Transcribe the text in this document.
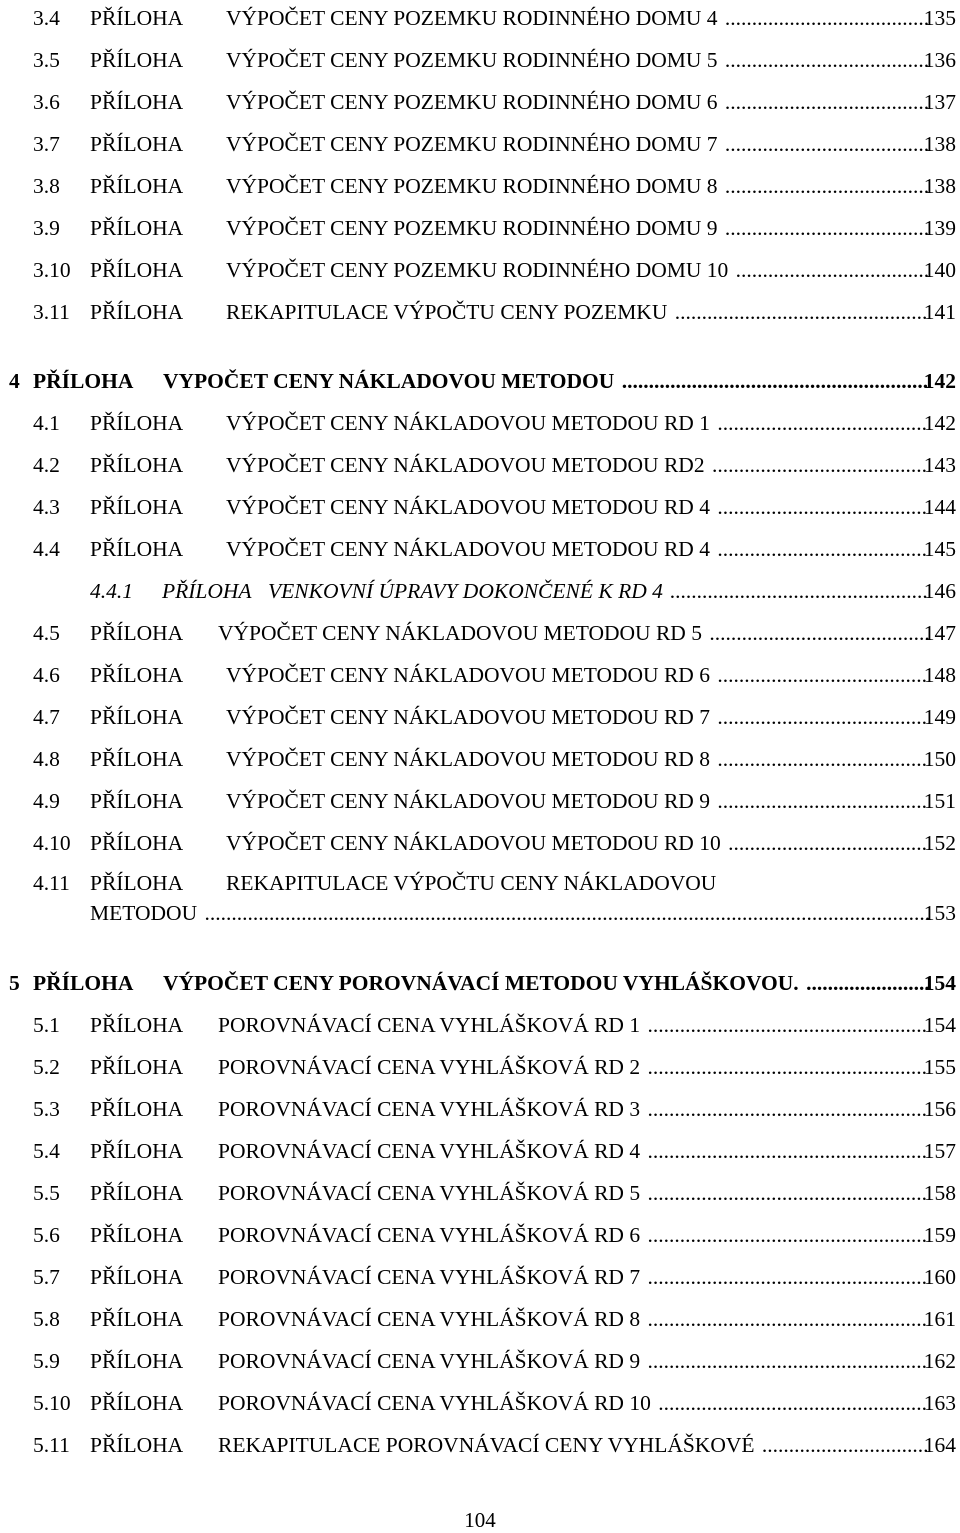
3.4 PŘÍLOHA VÝPOČET CENY POZEMKU RODINNÉHO DOMU 4 .....	135
3.5 PŘÍLOHA VÝPOČET CENY POZEMKU RODINNÉHO DOMU 5 .....	136
3.6 PŘÍLOHA VÝPOČET CENY POZEMKU RODINNÉHO DOMU 6 .....	137
3.7 PŘÍLOHA VÝPOČET CENY POZEMKU RODINNÉHO DOMU 7 .....	138
3.8 PŘÍLOHA VÝPOČET CENY POZEMKU RODINNÉHO DOMU 8 .....	138
3.9 PŘÍLOHA VÝPOČET CENY POZEMKU RODINNÉHO DOMU 9 .....	139
3.10 PŘÍLOHA VÝPOČET CENY POZEMKU RODINNÉHO DOMU 10 .....	140
3.11 PŘÍLOHA REKAPITULACE VÝPOČTU CENY POZEMKU .....	141
4 PŘÍLOHA VYPOČET CENY NÁKLADOVOU METODOU .....	142
4.1 PŘÍLOHA VÝPOČET CENY NÁKLADOVOU METODOU RD 1 .....	142
4.2 PŘÍLOHA VÝPOČET CENY NÁKLADOVOU METODOU RD2 .....	143
4.3 PŘÍLOHA VÝPOČET CENY NÁKLADOVOU METODOU RD 4 .....	144
4.4 PŘÍLOHA VÝPOČET CENY NÁKLADOVOU METODOU RD 4 .....	145
4.4.1 PŘÍLOHA VENKOVNÍ ÚPRAVY DOKONČENÉ K RD 4 .....	146
4.5 PŘÍLOHA VÝPOČET CENY NÁKLADOVOU METODOU RD 5 .....	147
4.6 PŘÍLOHA VÝPOČET CENY NÁKLADOVOU METODOU RD 6 .....	148
4.7 PŘÍLOHA VÝPOČET CENY NÁKLADOVOU METODOU RD 7 .....	149
4.8 PŘÍLOHA VÝPOČET CENY NÁKLADOVOU METODOU RD 8 .....	150
4.9 PŘÍLOHA VÝPOČET CENY NÁKLADOVOU METODOU RD 9 .....	151
4.10 PŘÍLOHA VÝPOČET CENY NÁKLADOVOU METODOU RD 10 .....	152
4.11 PŘÍLOHA REKAPITULACE VÝPOČTU CENY NÁKLADOVOU
METODOU .....	153
5 PŘÍLOHA VÝPOČET CENY POROVNÁVACÍ METODOU VYHLÁŠKOVOU. .....	154
5.1 PŘÍLOHA POROVNÁVACÍ CENA VYHLÁŠKOVÁ RD 1 .....	154
5.2 PŘÍLOHA POROVNÁVACÍ CENA VYHLÁŠKOVÁ RD 2 .....	155
5.3 PŘÍLOHA POROVNÁVACÍ CENA VYHLÁŠKOVÁ RD 3 .....	156
5.4 PŘÍLOHA POROVNÁVACÍ CENA VYHLÁŠKOVÁ RD 4 .....	157
5.5 PŘÍLOHA POROVNÁVACÍ CENA VYHLÁŠKOVÁ RD 5 .....	158
5.6 PŘÍLOHA POROVNÁVACÍ CENA VYHLÁŠKOVÁ RD 6 .....	159
5.7 PŘÍLOHA POROVNÁVACÍ CENA VYHLÁŠKOVÁ RD 7 .....	160
5.8 PŘÍLOHA POROVNÁVACÍ CENA VYHLÁŠKOVÁ RD 8 .....	161
5.9 PŘÍLOHA POROVNÁVACÍ CENA VYHLÁŠKOVÁ RD 9 .....	162
5.10 PŘÍLOHA POROVNÁVACÍ CENA VYHLÁŠKOVÁ RD 10 .....	163
5.11 PŘÍLOHA REKAPITULACE POROVNÁVACÍ CENY VYHLÁŠKOVÉ .....	164
104
